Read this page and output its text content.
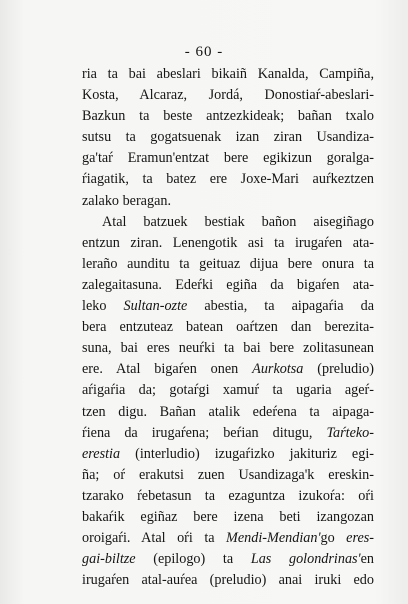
- 60 -
ria ta bai abeslari bikaiñ Kanalda, Campiña,
Kosta, Alcaraz, Jordá, Donostiaŕ-abeslari-
Bazkun ta beste antzezkideak; bañan txalo
sutsu ta gogatsuenak izan ziran Usandiza-
ga'taŕ Eramun'entzat bere egikizun goralga-
ŕiagatik, ta batez ere Joxe-Mari auŕkeztzen
zalako beragan.
Atal batzuek bestiak bañon aisegiñago
entzun ziran. Lenengotik asi ta irugaŕen ata-
leraño aunditu ta geituaz dijua bere onura ta
zalegaitasuna. Edeŕki egiña da bigaŕen ata-
leko Sultan-ozte abestia, ta aipagaŕia da
bera entzuteaz batean oaŕtzen dan berezita-
suna, bai eres neuŕki ta bai bere zolitasunean
ere. Atal bigaŕen onen Aurkotsa (preludio)
aŕigaŕia da; gotaŕgi xamuŕ ta ugaria ageŕ-
tzen digu. Bañan atalik edeŕena ta aipaga-
ŕiena da irugaŕena; beŕian ditugu, Taŕteko-
erestia (interludio) izugaŕizko jakituriz egi-
ña; oŕ erakutsi zuen Usandizaga'k ereskin-
tzarako ŕebetasun ta ezaguntza izukoŕa: oŕi
bakaŕik egiñaz bere izena beti izangozan
oroigaŕi. Atal oŕi ta Mendi-Mendian'go eres-
gai-biltze (epilogo) ta Las golondrinas'en
irugaŕen atal-auŕea (preludio) anai iruki edo
